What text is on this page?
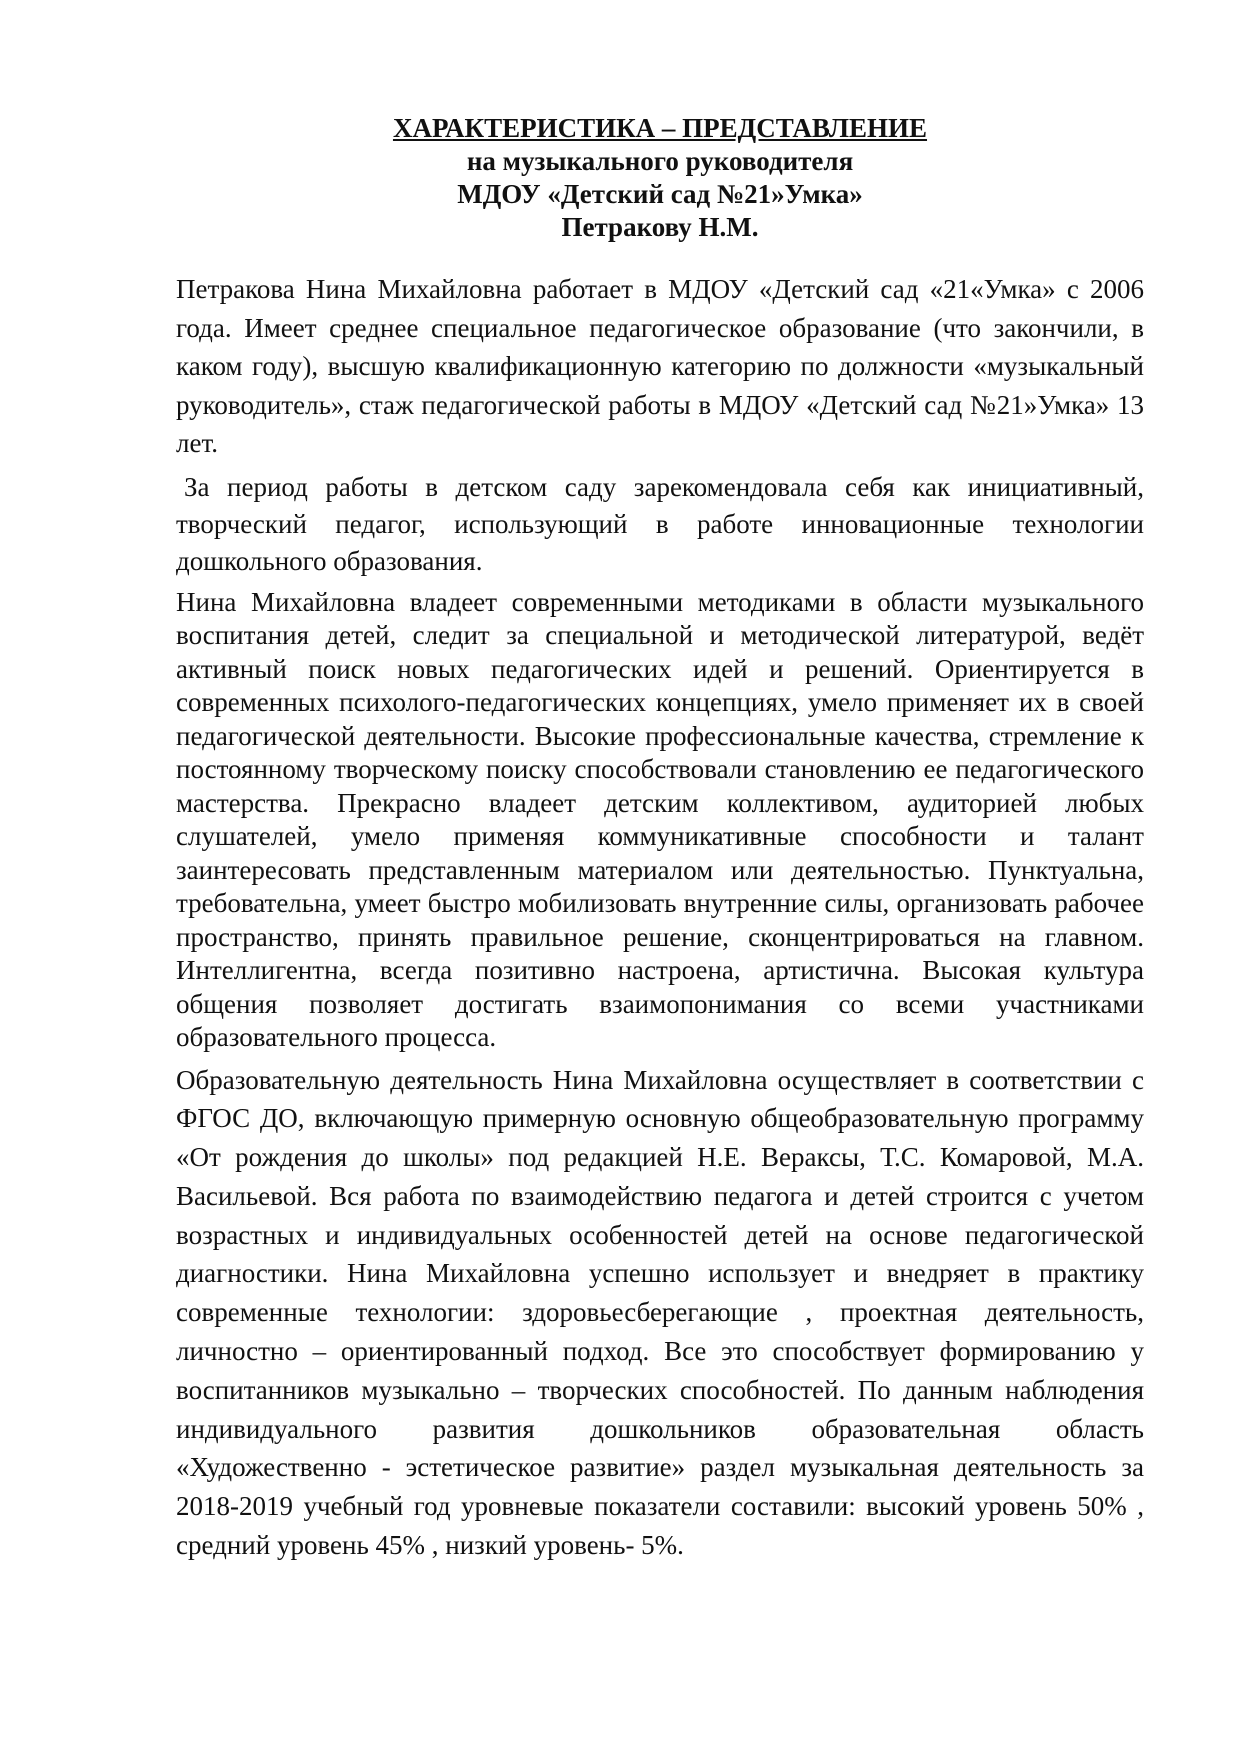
ХАРАКТЕРИСТИКА – ПРЕДСТАВЛЕНИЕ
на музыкального руководителя
МДОУ «Детский сад №21»Умка»
Петракову Н.М.

Петракова Нина Михайловна работает в МДОУ «Детский сад «21«Умка» с 2006 года. Имеет среднее специальное педагогическое образование (что закончили, в каком году), высшую квалификационную категорию по должности «музыкальный руководитель», стаж педагогической работы в МДОУ «Детский сад №21»Умка» 13 лет.

За период работы в детском саду зарекомендовала себя как инициативный, творческий педагог, использующий в работе инновационные технологии дошкольного образования.

Нина Михайловна владеет современными методиками в области музыкального воспитания детей, следит за специальной и методической литературой, ведёт активный поиск новых педагогических идей и решений. Ориентируется в современных психолого-педагогических концепциях, умело применяет их в своей педагогической деятельности. Высокие профессиональные качества, стремление к постоянному творческому поиску способствовали становлению ее педагогического мастерства. Прекрасно владеет детским коллективом, аудиторией любых слушателей, умело применяя коммуникативные способности и талант заинтересовать представленным материалом или деятельностью. Пунктуальна, требовательна, умеет быстро мобилизовать внутренние силы, организовать рабочее пространство, принять правильное решение, сконцентрироваться на главном. Интеллигентна, всегда позитивно настроена, артистична. Высокая культура общения позволяет достигать взаимопонимания со всеми участниками образовательного процесса.

Образовательную деятельность Нина Михайловна осуществляет в соответствии с ФГОС ДО, включающую примерную основную общеобразовательную программу «От рождения до школы» под редакцией Н.Е. Вераксы, Т.С. Комаровой, М.А. Васильевой. Вся работа по взаимодействию педагога и детей строится с учетом возрастных и индивидуальных особенностей детей на основе педагогической диагностики. Нина Михайловна успешно использует и внедряет в практику современные технологии: здоровьесберегающие , проектная деятельность, личностно – ориентированный подход. Все это способствует формированию у воспитанников музыкально – творческих способностей. По данным наблюдения индивидуального развития дошкольников образовательная область «Художественно - эстетическое развитие» раздел музыкальная деятельность за 2018-2019 учебный год уровневые показатели составили: высокий уровень 50% , средний уровень 45% , низкий уровень- 5%.
